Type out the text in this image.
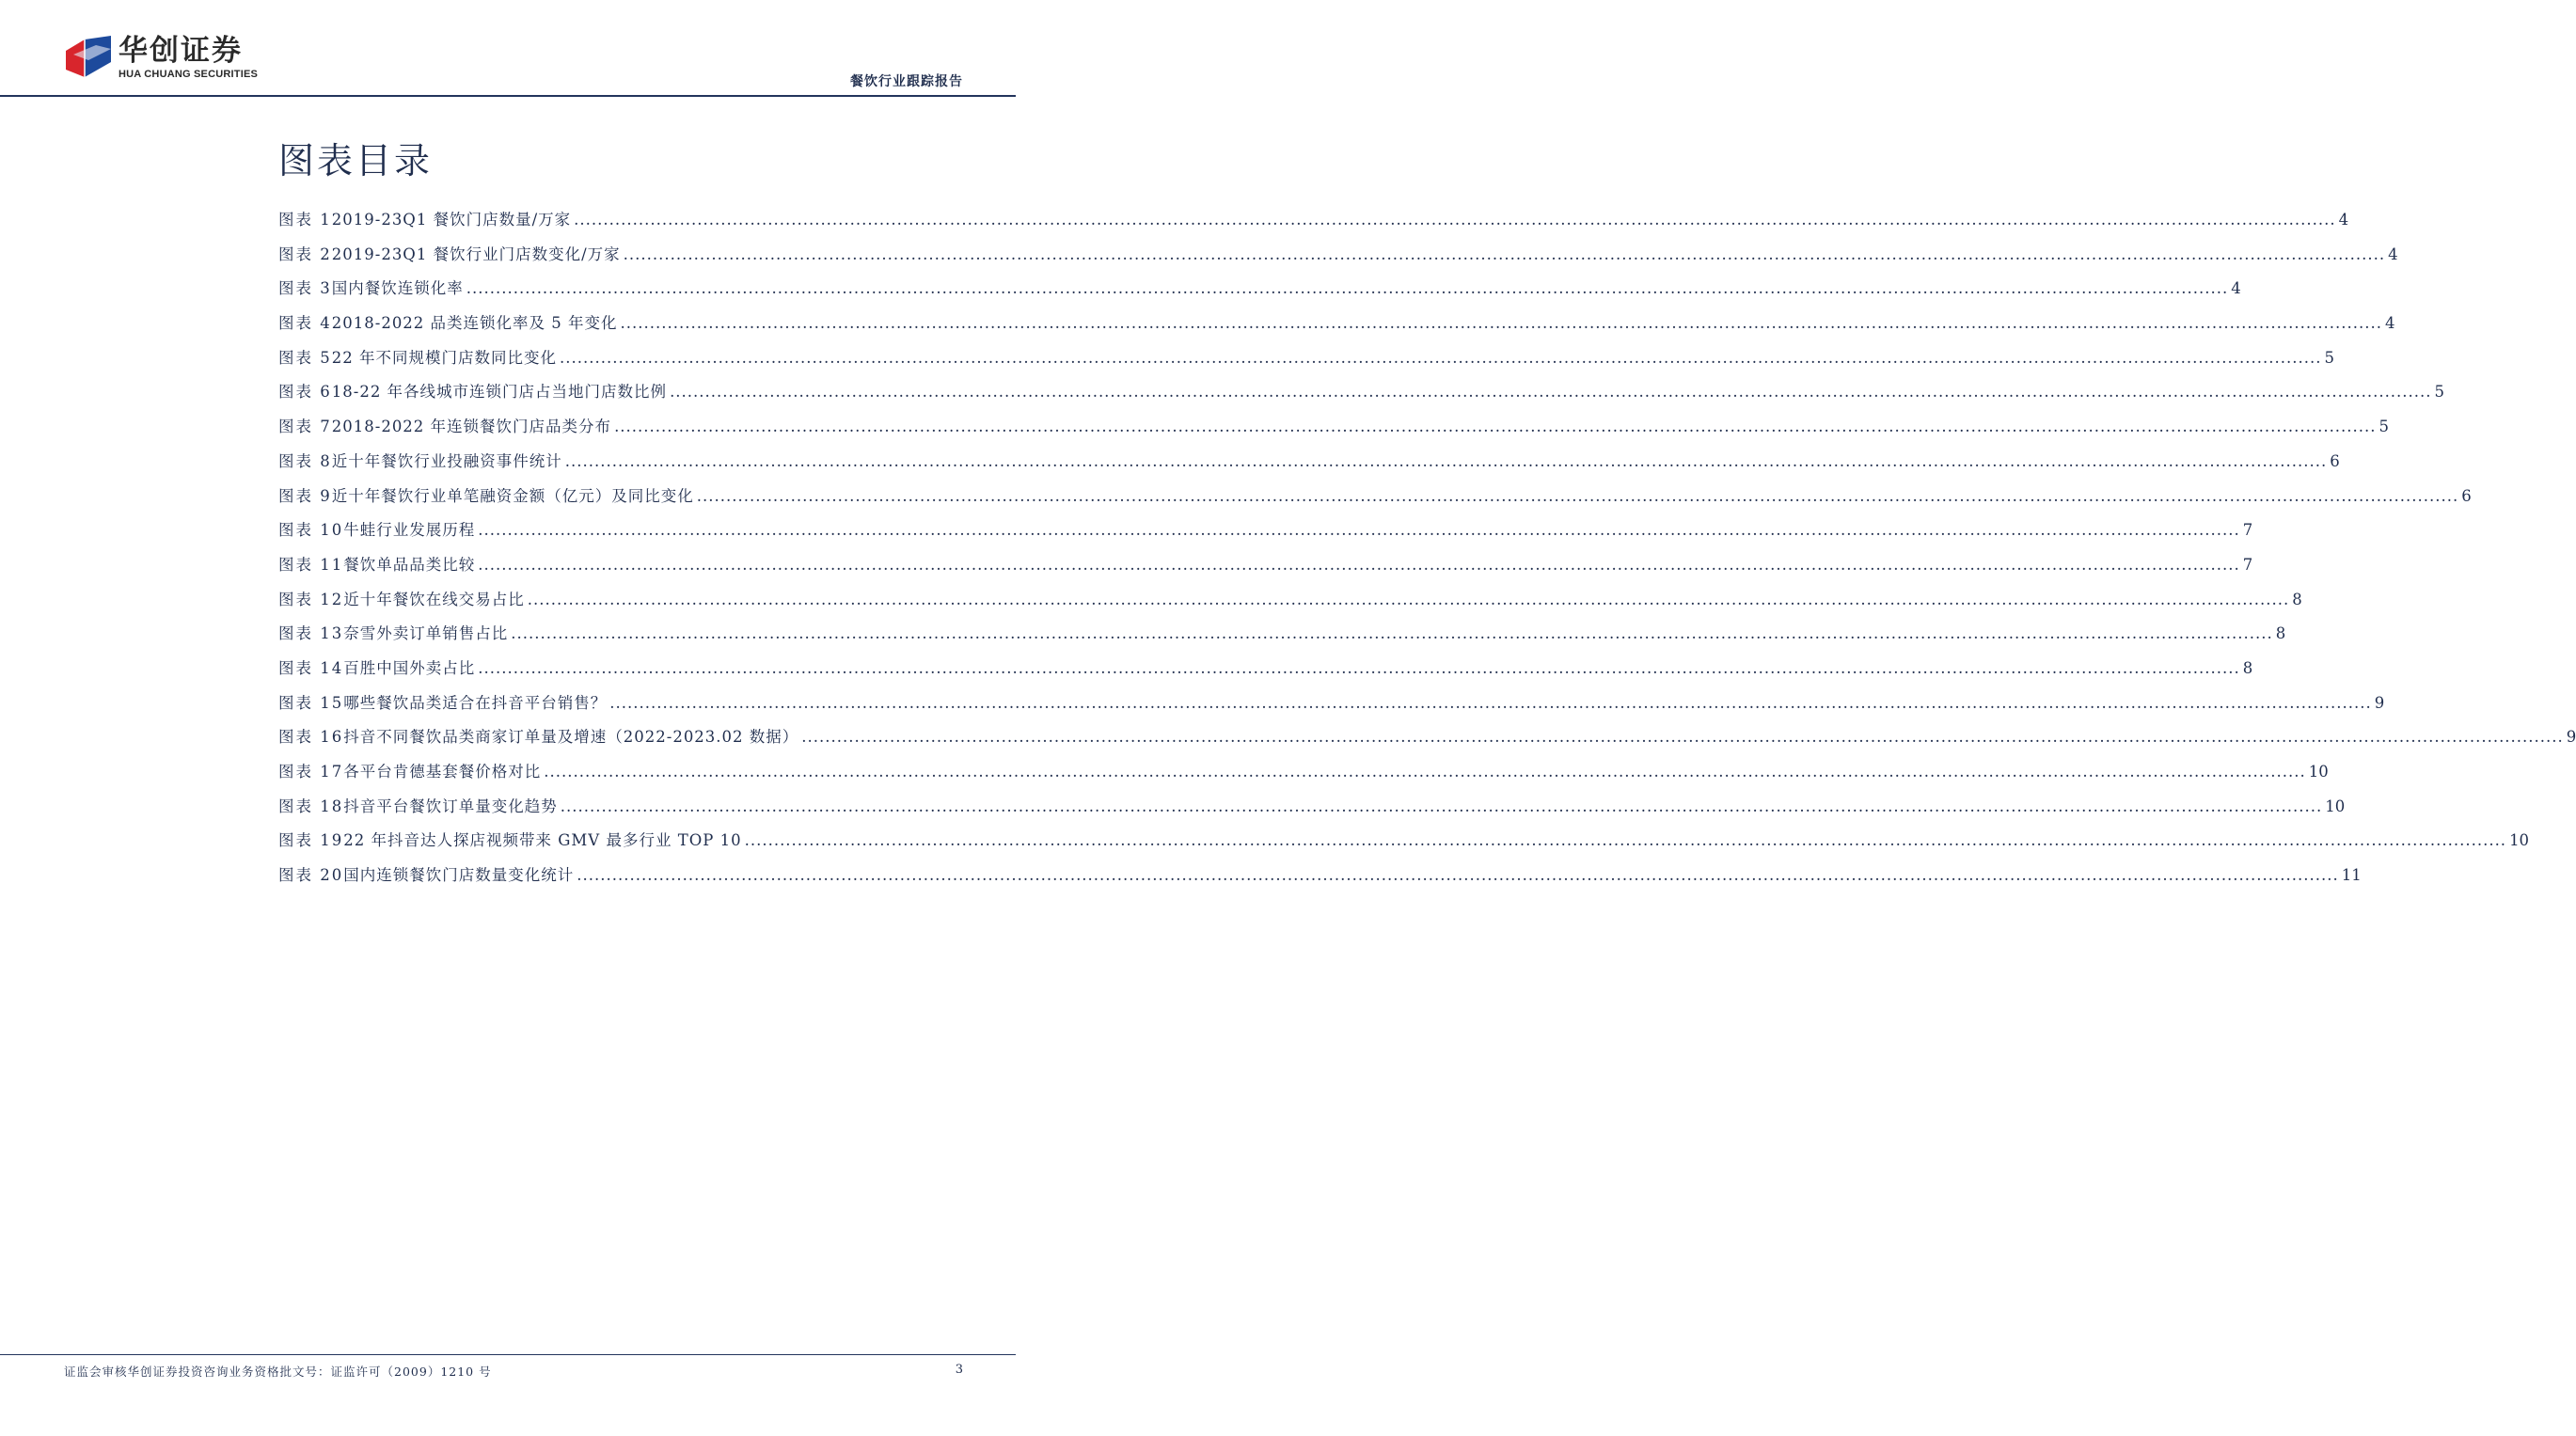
华创证券
HUA CHUANG SECURITIES	餐饮行业跟踪报告
图表目录
图表 1 2019-23Q1 餐饮门店数量/万家 ............................................................................................................................................................................................................................................................................................................ 4
图表 2 2019-23Q1 餐饮行业门店数变化/万家 ............................................................................................................................................................................................................................................................................................................ 4
图表 3 国内餐饮连锁化率 ............................................................................................................................................................................................................................................................................................................ 4
图表 4 2018-2022 品类连锁化率及 5 年变化 ............................................................................................................................................................................................................................................................................................................ 4
图表 5 22 年不同规模门店数同比变化 ............................................................................................................................................................................................................................................................................................................ 5
图表 6 18-22 年各线城市连锁门店占当地门店数比例 ............................................................................................................................................................................................................................................................................................................ 5
图表 7 2018-2022 年连锁餐饮门店品类分布 ............................................................................................................................................................................................................................................................................................................ 5
图表 8 近十年餐饮行业投融资事件统计 ............................................................................................................................................................................................................................................................................................................ 6
图表 9 近十年餐饮行业单笔融资金额（亿元）及同比变化 ............................................................................................................................................................................................................................................................................................................ 6
图表 10 牛蛙行业发展历程 ............................................................................................................................................................................................................................................................................................................ 7
图表 11 餐饮单品品类比较 ............................................................................................................................................................................................................................................................................................................ 7
图表 12 近十年餐饮在线交易占比 ............................................................................................................................................................................................................................................................................................................ 8
图表 13 奈雪外卖订单销售占比 ............................................................................................................................................................................................................................................................................................................ 8
图表 14 百胜中国外卖占比 ............................................................................................................................................................................................................................................................................................................ 8
图表 15 哪些餐饮品类适合在抖音平台销售？ ............................................................................................................................................................................................................................................................................................................ 9
图表 16 抖音不同餐饮品类商家订单量及增速（2022-2023.02 数据） ............................................................................................................................................................................................................................................................................................................ 9
图表 17 各平台肯德基套餐价格对比 ............................................................................................................................................................................................................................................................................................................ 10
图表 18 抖音平台餐饮订单量变化趋势 ............................................................................................................................................................................................................................................................................................................ 10
图表 19 22 年抖音达人探店视频带来 GMV 最多行业 TOP 10 ............................................................................................................................................................................................................................................................................................................ 10
图表 20 国内连锁餐饮门店数量变化统计 ............................................................................................................................................................................................................................................................................................................ 11
证监会审核华创证券投资咨询业务资格批文号：证监许可（2009）1210 号	3
